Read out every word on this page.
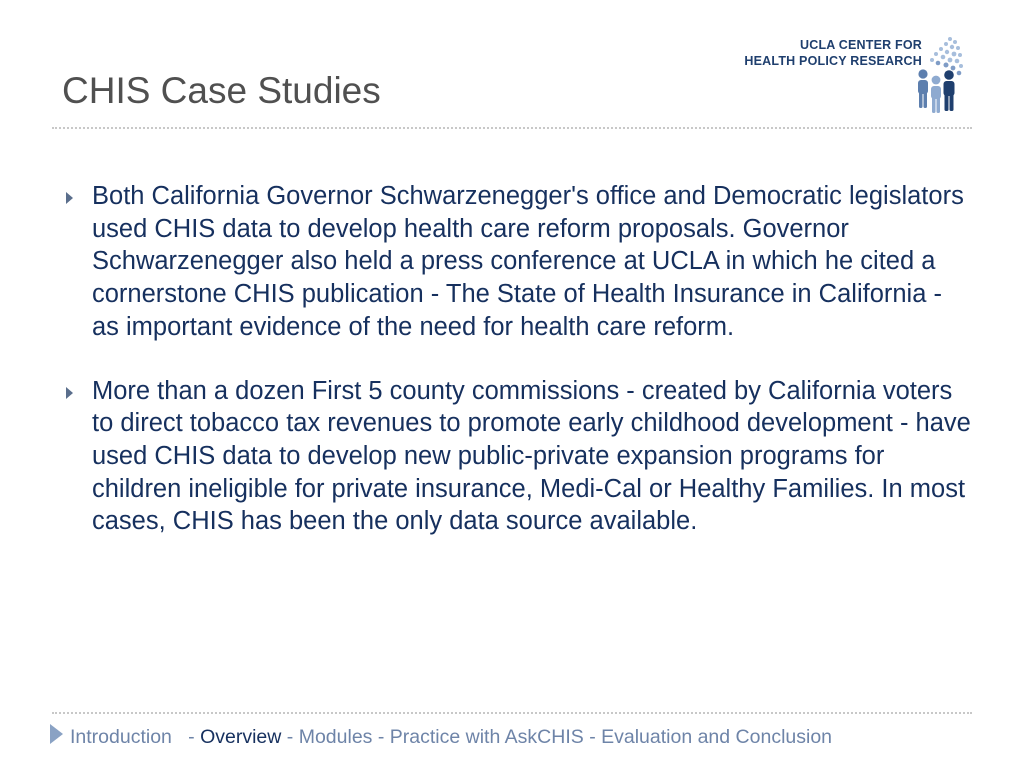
CHIS Case Studies
UCLA CENTER FOR
HEALTH POLICY RESEARCH
Both California Governor Schwarzenegger's office and Democratic legislators used CHIS data to develop health care reform proposals. Governor Schwarzenegger also held a press conference at UCLA in which he cited a cornerstone CHIS publication - The State of Health Insurance in California - as important evidence of the need for health care reform.
More than a dozen First 5 county commissions - created by California voters to direct tobacco tax revenues to promote early childhood development - have used CHIS data to develop new public-private expansion programs for children ineligible for private insurance, Medi-Cal or Healthy Families. In most cases, CHIS has been the only data source available.
Introduction - Overview - Modules - Practice with AskCHIS - Evaluation and Conclusion
